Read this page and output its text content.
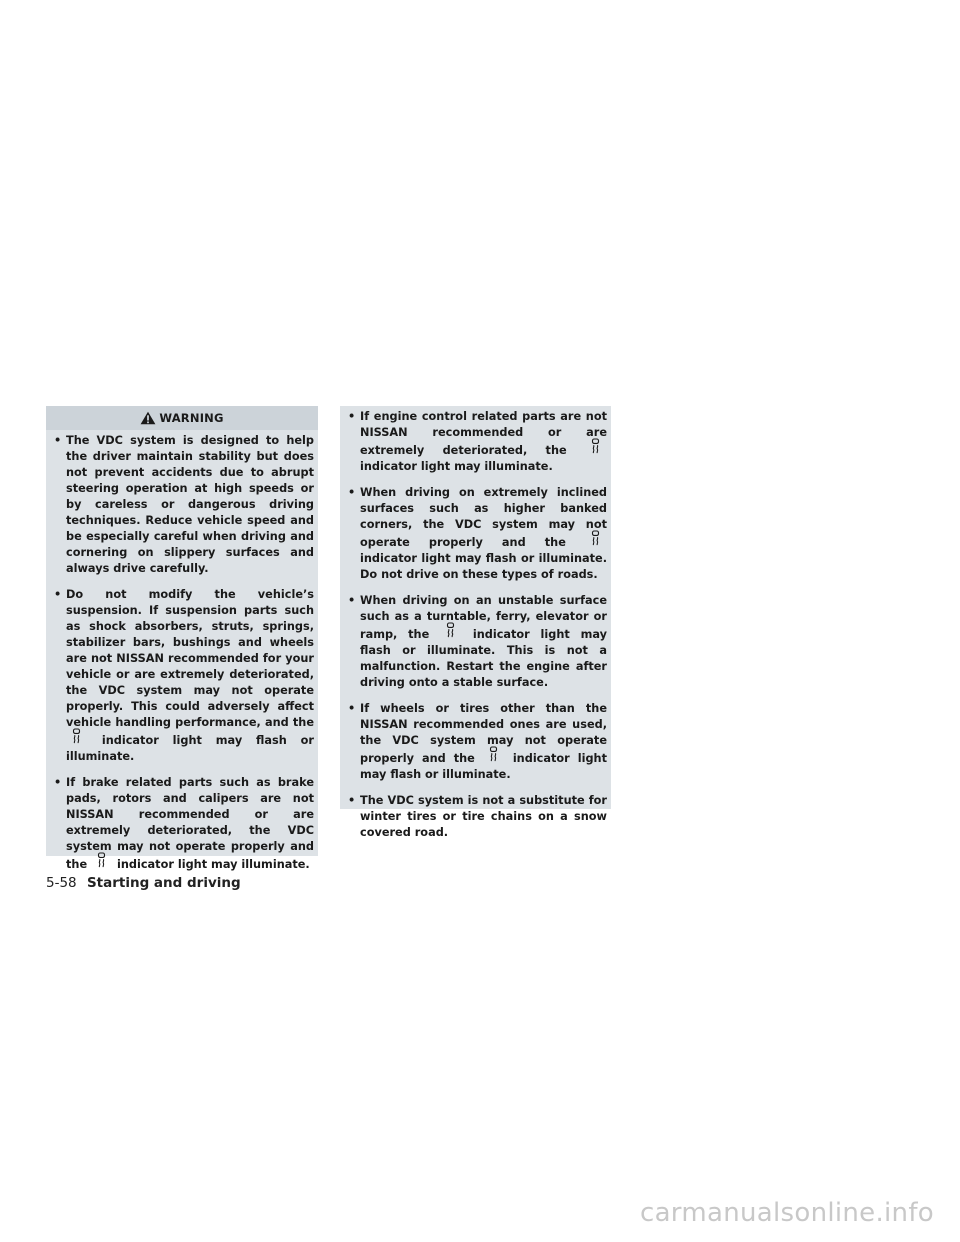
WARNING
• The VDC system is designed to help the driver maintain stability but does not prevent accidents due to abrupt steering operation at high speeds or by careless or dangerous driving techniques. Reduce vehicle speed and be especially careful when driving and cornering on slippery surfaces and always drive carefully.
• Do not modify the vehicle’s suspension. If suspension parts such as shock absorbers, struts, springs, stabilizer bars, bushings and wheels are not NISSAN recommended for your vehicle or are extremely deteriorated, the VDC system may not operate properly. This could adversely affect vehicle handling performance, and the
indicator light may flash or illuminate.
• If brake related parts such as brake pads, rotors and calipers are not NISSAN recommended or are extremely deteriorated, the VDC system may not operate properly and the	indicator light may illuminate.
• If engine control related parts are not NISSAN recommended or are extremely deteriorated, the
indicator light may illuminate.
• When driving on extremely inclined surfaces such as higher banked corners, the VDC system may not operate properly and the
indicator light may flash or illuminate. Do not drive on these types of roads.
• When driving on an unstable surface such as a turntable, ferry, elevator or ramp, the	indicator light may flash or illuminate. This is not a malfunction. Restart the engine after driving onto a stable surface.
• If wheels or tires other than the NISSAN recommended ones are used, the VDC system may not operate properly and the	indicator light may flash or illuminate.
• The VDC system is not a substitute for winter tires or tire chains on a snow covered road.
5-58 Starting and driving
carmanualsonline.info
